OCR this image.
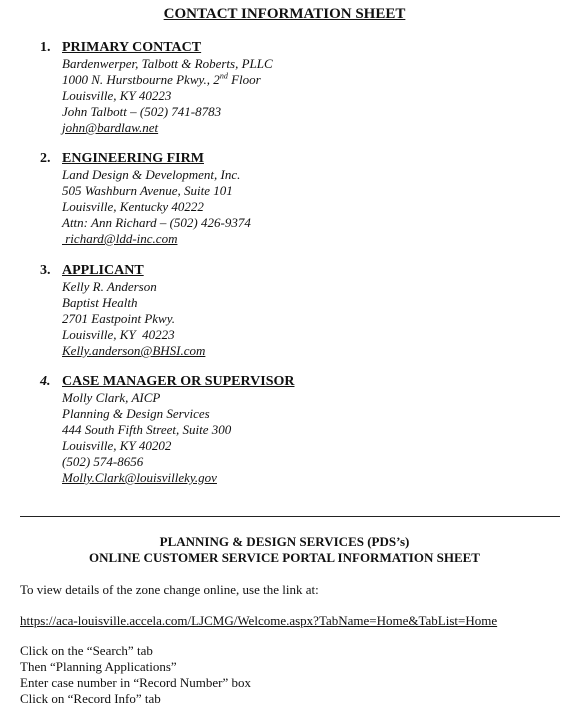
CONTACT INFORMATION SHEET
1. PRIMARY CONTACT
Bardenwerper, Talbott & Roberts, PLLC
1000 N. Hurstbourne Pkwy., 2nd Floor
Louisville, KY 40223
John Talbott – (502) 741-8783
john@bardlaw.net
2. ENGINEERING FIRM
Land Design & Development, Inc.
505 Washburn Avenue, Suite 101
Louisville, Kentucky 40222
Attn: Ann Richard – (502) 426-9374
richard@ldd-inc.com
3. APPLICANT
Kelly R. Anderson
Baptist Health
2701 Eastpoint Pkwy.
Louisville, KY  40223
Kelly.anderson@BHSI.com
4. CASE MANAGER OR SUPERVISOR
Molly Clark, AICP
Planning & Design Services
444 South Fifth Street, Suite 300
Louisville, KY 40202
(502) 574-8656
Molly.Clark@louisvilleky.gov
PLANNING & DESIGN SERVICES (PDS’s)
ONLINE CUSTOMER SERVICE PORTAL INFORMATION SHEET
To view details of the zone change online, use the link at:
https://aca-louisville.accela.com/LJCMG/Welcome.aspx?TabName=Home&TabList=Home
Click on the “Search” tab
Then “Planning Applications”
Enter case number in “Record Number” box
Click on “Record Info” tab
